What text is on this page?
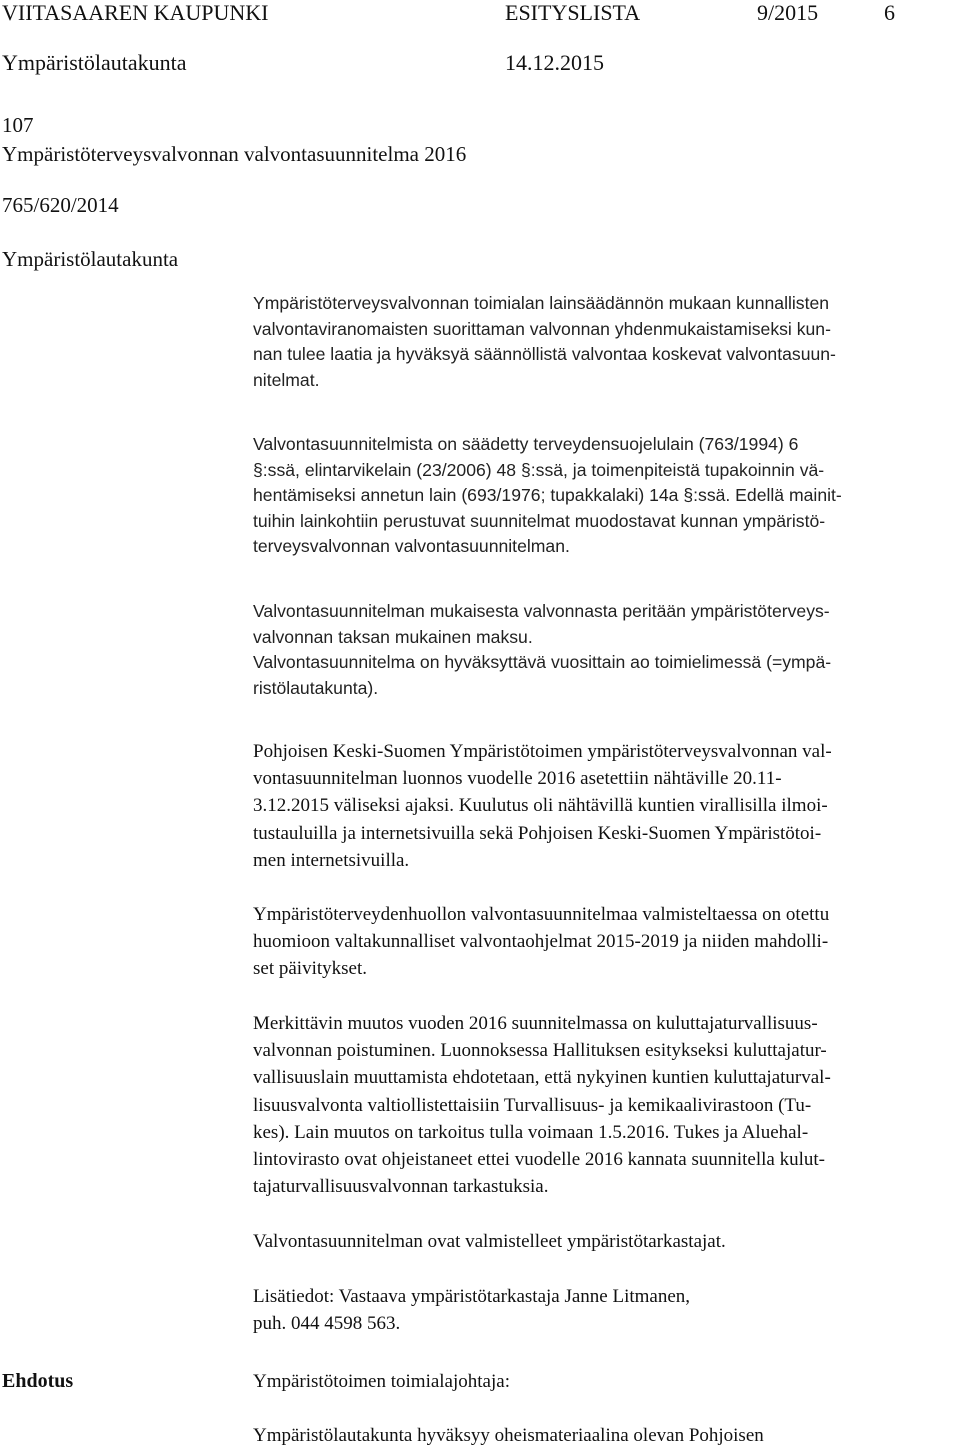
VIITASAAREN KAUPUNKI	ESITYSLISTA	9/2015	6
Ympäristölautakunta	14.12.2015
107
Ympäristöterveysvalvonnan valvontasuunnitelma 2016
765/620/2014
Ympäristölautakunta
Ympäristöterveysvalvonnan toimialan lainsäädännön mukaan kunnallisten
valvontaviranomaisten suorittaman valvonnan yhdenmukaistamiseksi kun-
nan tulee laatia ja hyväksyä säännöllistä valvontaa koskevat valvontasuun-
nitelmat.
Valvontasuunnitelmista on säädetty terveydensuojelulain (763/1994) 6
§:ssä, elintarvikelain (23/2006) 48 §:ssä, ja toimenpiteistä tupakoinnin vä-
hentämiseksi annetun lain (693/1976; tupakkalaki) 14a §:ssä. Edellä mainit-
tuihin lainkohtiin perustuvat suunnitelmat muodostavat kunnan ympäristö-
terveysvalvonnan valvontasuunnitelman.
Valvontasuunnitelman mukaisesta valvonnasta peritään ympäristöterveys-
valvonnan taksan mukainen maksu.
Valvontasuunnitelma on hyväksyttävä vuosittain ao toimielimessä (=ympä-
ristölautakunta).
Pohjoisen Keski-Suomen Ympäristötoimen ympäristöterveysvalvonnan val-
vontasuunnitelman luonnos vuodelle 2016 asetettiin nähtäville 20.11-
3.12.2015 väliseksi ajaksi. Kuulutus oli nähtävillä kuntien virallisilla ilmoi-
tustauluilla ja internetsivuilla sekä Pohjoisen Keski-Suomen Ympäristötoi-
men internetsivuilla.
Ympäristöterveydenhuollon valvontasuunnitelmaa valmisteltaessa on otettu
huomioon valtakunnalliset valvontaohjelmat 2015-2019 ja niiden mahdolli-
set päivitykset.
Merkittävin muutos vuoden 2016 suunnitelmassa on kuluttajaturvallisuus-
valvonnan poistuminen. Luonnoksessa Hallituksen esitykseksi kuluttajatur-
vallisuuslain muuttamista ehdotetaan, että nykyinen kuntien kuluttajaturval-
lisuusvalvonta valtiollistettaisiin Turvallisuus- ja kemikaalivirastoon (Tu-
kes). Lain muutos on tarkoitus tulla voimaan 1.5.2016. Tukes ja Aluehal-
lintovirasto ovat ohjeistaneet ettei vuodelle 2016 kannata suunnitella kulut-
tajaturvallisuusvalvonnan tarkastuksia.
Valvontasuunnitelman ovat valmistelleet ympäristötarkastajat.
Lisätiedot: Vastaava ympäristötarkastaja Janne Litmanen,
puh. 044 4598 563.
Ehdotus	Ympäristötoimen toimialajohtaja:
Ympäristölautakunta hyväksyy oheismateriaalina olevan Pohjoisen
